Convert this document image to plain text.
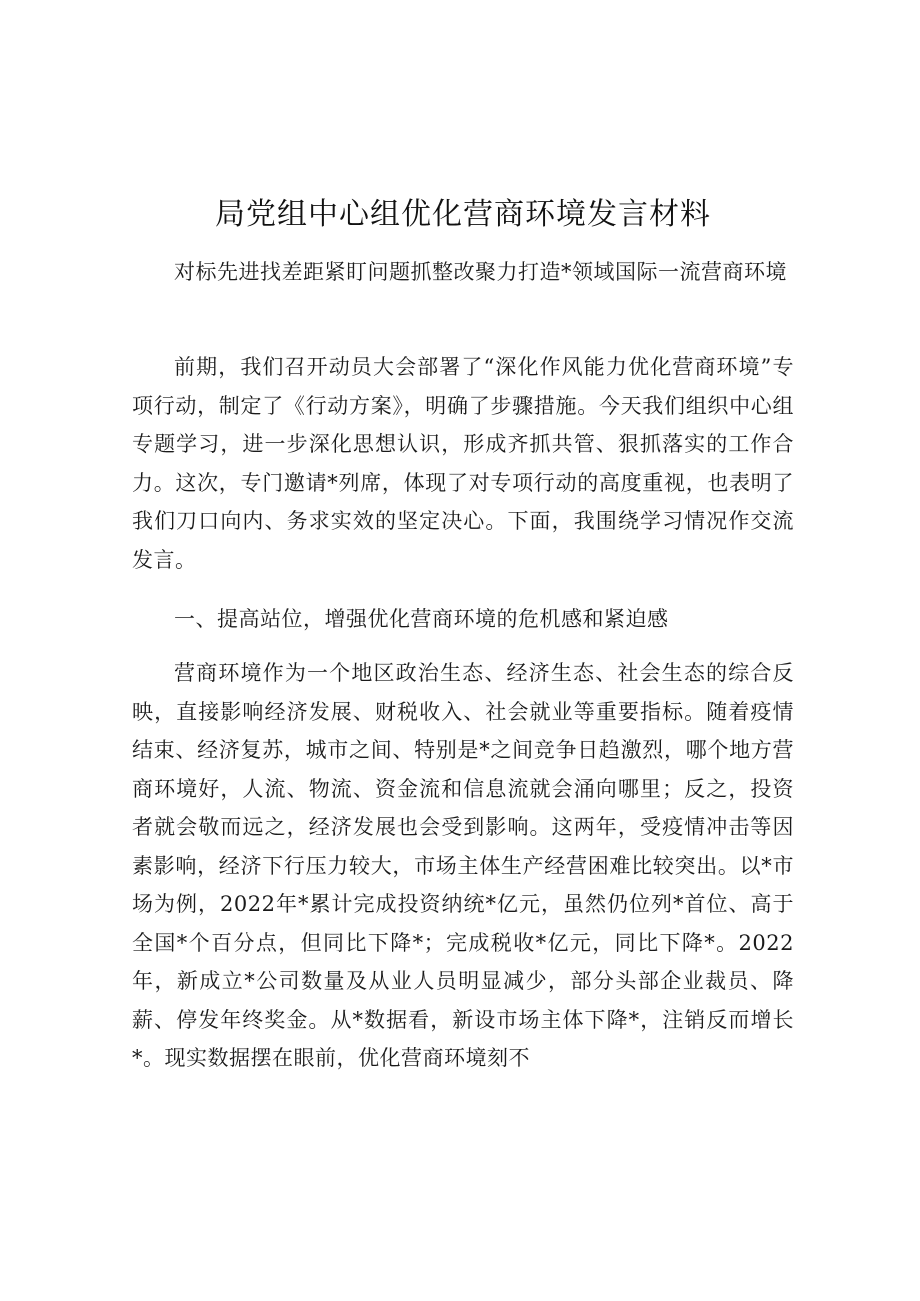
局党组中心组优化营商环境发言材料

对标先进找差距紧盯问题抓整改聚力打造*领域国际一流营商环境

前期，我们召开动员大会部署了“深化作风能力优化营商环境”专项行动，制定了《行动方案》，明确了步骤措施。今天我们组织中心组专题学习，进一步深化思想认识，形成齐抓共管、狠抓落实的工作合力。这次，专门邀请*列席，体现了对专项行动的高度重视，也表明了我们刀口向内、务求实效的坚定决心。下面，我围绕学习情况作交流发言。

一、提高站位，增强优化营商环境的危机感和紧迫感

营商环境作为一个地区政治生态、经济生态、社会生态的综合反映，直接影响经济发展、财税收入、社会就业等重要指标。随着疫情结束、经济复苏，城市之间、特别是*之间竞争日趋激烈，哪个地方营商环境好，人流、物流、资金流和信息流就会涌向哪里；反之，投资者就会敬而远之，经济发展也会受到影响。这两年，受疫情冲击等因素影响，经济下行压力较大，市场主体生产经营困难比较突出。以*市场为例，2022年*累计完成投资纳统*亿元，虽然仍位列*首位、高于全国*个百分点，但同比下降*；完成税收*亿元，同比下降*。2022年，新成立*公司数量及从业人员明显减少，部分头部企业裁员、降薪、停发年终奖金。从*数据看，新设市场主体下降*，注销反而增长*。现实数据摆在眼前，优化营商环境刻不
